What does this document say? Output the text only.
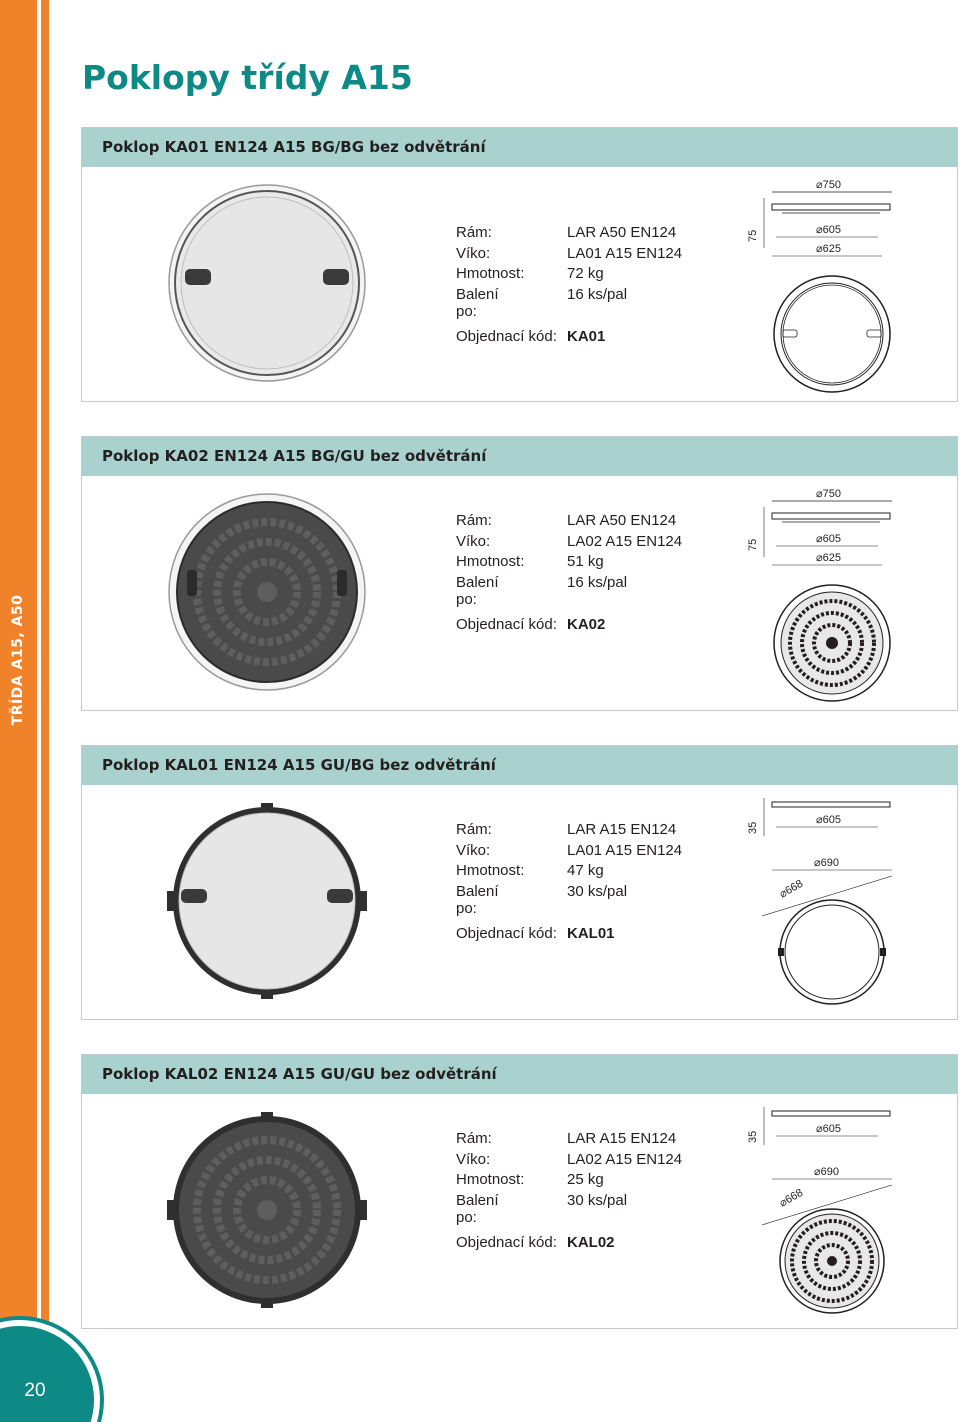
TŘÍDA A15, A50
20
Poklopy třídy A15
Poklop KA01 EN124 A15 BG/BG bez odvětrání
Rám:	LAR A50 EN124
Víko:	LA01 A15 EN124
Hmotnost:	72 kg
Balení po:
16 ks/pal
Objednací kód: KA01
⌀750
75	⌀605
⌀625
Poklop KA02 EN124 A15 BG/GU bez odvětrání
Rám:	LAR A50 EN124
Víko:	LA02 A15 EN124
Hmotnost:	51 kg
Balení po:
16 ks/pal
Objednací kód: KA02
⌀750
75	⌀605
⌀625
Poklop KAL01 EN124 A15 GU/BG bez odvětrání
Rám:	LAR A15 EN124
Víko:	LA01 A15 EN124
Hmotnost:	47 kg
Balení po:
30 ks/pal
Objednací kód: KAL01
35
⌀605
⌀690
⌀668
Poklop KAL02 EN124 A15 GU/GU bez odvětrání
Rám:	LAR A15 EN124
Víko:	LA02 A15 EN124
Hmotnost:	25 kg
Balení po:
30 ks/pal
Objednací kód: KAL02
35
⌀605
⌀690
⌀668
